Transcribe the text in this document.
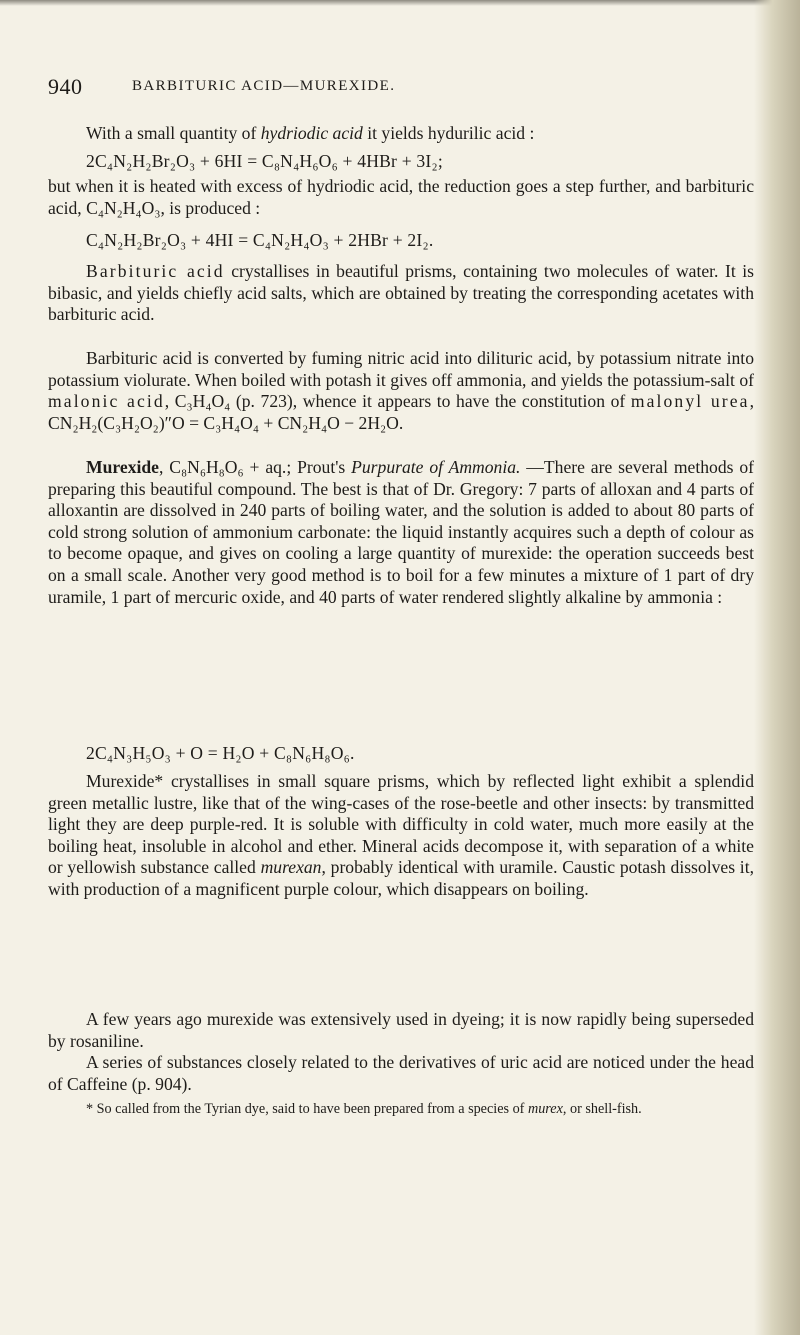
940	BARBITURIC ACID—MUREXIDE.

With a small quantity of hydriodic acid it yields hydurilic acid :

2C₄N₂H₂Br₂O₃ + 6HI = C₈N₄H₆O₆ + 4HBr + 3I₂;

but when it is heated with excess of hydriodic acid, the reduction goes a step further, and barbituric acid, C₄N₂H₄O₃, is produced :

C₄N₂H₂Br₂O₃ + 4HI = C₄N₂H₄O₃ + 2HBr + 2I₂.

Barbituric acid crystallises in beautiful prisms, containing two molecules of water. It is bibasic, and yields chiefly acid salts, which are obtained by treating the corresponding acetates with barbituric acid.

Barbituric acid is converted by fuming nitric acid into dilituric acid, by potassium nitrate into potassium violurate. When boiled with potash it gives off ammonia, and yields the potassium-salt of malonic acid, C₃H₄O₄ (p. 723), whence it appears to have the constitution of malonyl urea, CN₂H₂(C₃H₂O₂)″O = C₃H₄O₄ + CN₂H₄O − 2H₂O.

Murexide, C₈N₆H₈O₆ + aq.; Prout's Purpurate of Ammonia. —There are several methods of preparing this beautiful compound. The best is that of Dr. Gregory: 7 parts of alloxan and 4 parts of alloxantin are dissolved in 240 parts of boiling water, and the solution is added to about 80 parts of cold strong solution of ammonium carbonate: the liquid instantly acquires such a depth of colour as to become opaque, and gives on cooling a large quantity of murexide: the operation succeeds best on a small scale. Another very good method is to boil for a few minutes a mixture of 1 part of dry uramile, 1 part of mercuric oxide, and 40 parts of water rendered slightly alkaline by ammonia :

2C₄N₃H₅O₃ + O = H₂O + C₈N₆H₈O₆.

Murexide* crystallises in small square prisms, which by reflected light exhibit a splendid green metallic lustre, like that of the wing-cases of the rose-beetle and other insects: by transmitted light they are deep purple-red. It is soluble with difficulty in cold water, much more easily at the boiling heat, insoluble in alcohol and ether. Mineral acids decompose it, with separation of a white or yellowish substance called murexan, probably identical with uramile. Caustic potash dissolves it, with production of a magnificent purple colour, which disappears on boiling.

A few years ago murexide was extensively used in dyeing; it is now rapidly being superseded by rosaniline.

A series of substances closely related to the derivatives of uric acid are noticed under the head of Caffeine (p. 904).

* So called from the Tyrian dye, said to have been prepared from a species of murex, or shell-fish.
